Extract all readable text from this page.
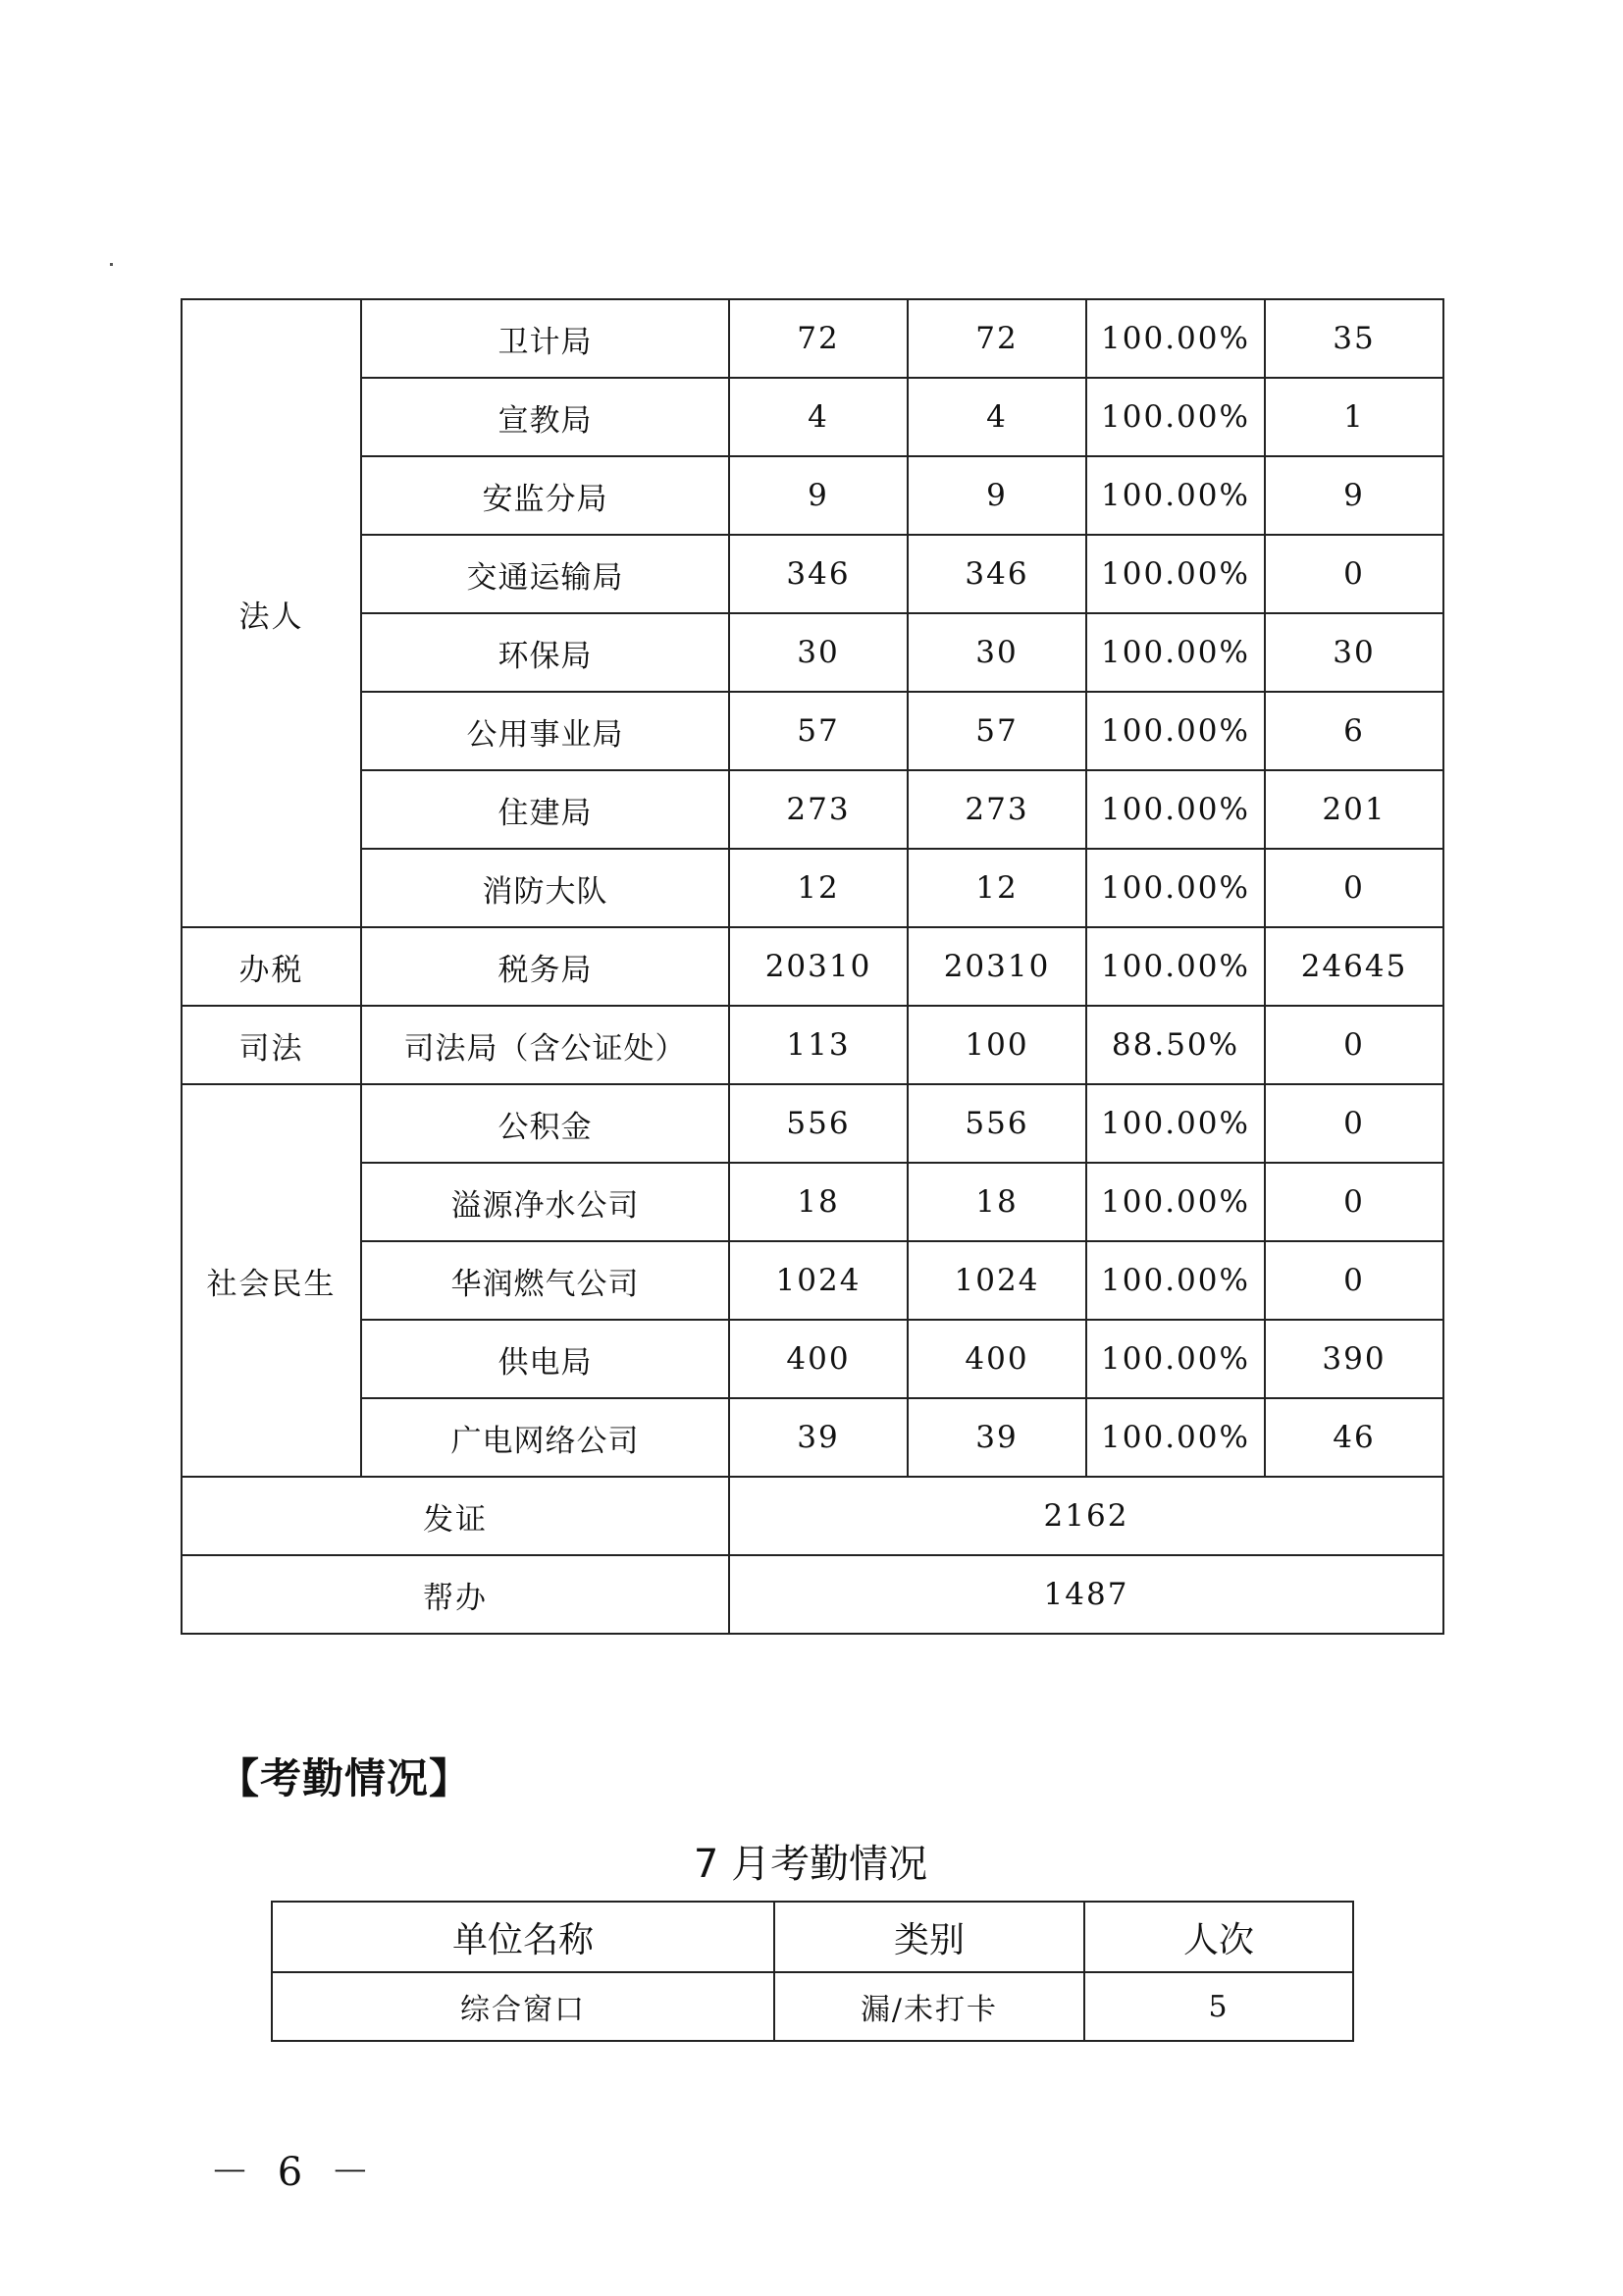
法人	卫计局	72	72	100.00%	35
	宣教局	4	4	100.00%	1
	安监分局	9	9	100.00%	9
	交通运输局	346	346	100.00%	0
	环保局	30	30	100.00%	30
	公用事业局	57	57	100.00%	6
	住建局	273	273	100.00%	201
	消防大队	12	12	100.00%	0
办税	税务局	20310	20310	100.00%	24645
司法	司法局（含公证处）	113	100	88.50%	0
社会民生	公积金	556	556	100.00%	0
	溢源净水公司	18	18	100.00%	0
	华润燃气公司	1024	1024	100.00%	0
	供电局	400	400	100.00%	390
	广电网络公司	39	39	100.00%	46
发证		2162			
帮办		1487			
【考勤情况】
7 月考勤情况
单位名称	类别	人次
综合窗口	漏/未打卡	5
－ 6 －
